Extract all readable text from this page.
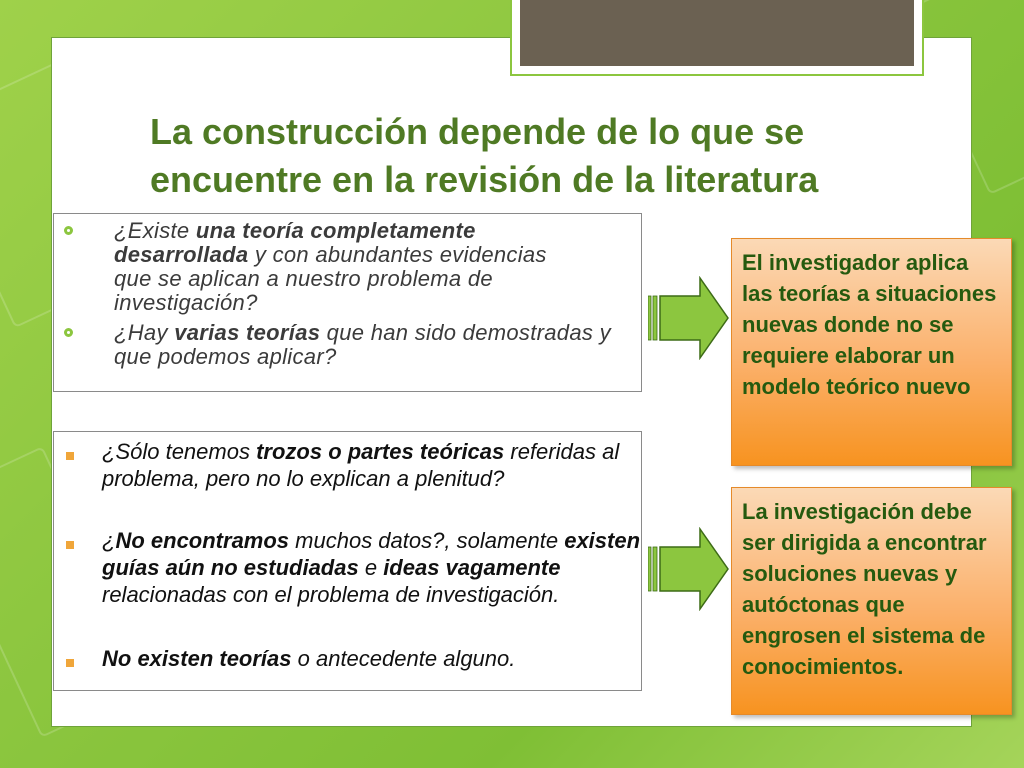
La construcción depende de lo que se encuentre en la revisión de la literatura
¿Existe una teoría completamente desarrollada y con abundantes evidencias que se aplican a nuestro problema de investigación?
¿Hay varias teorías que han sido demostradas y que podemos aplicar?
¿Sólo tenemos trozos o partes teóricas referidas al problema, pero no lo explican a plenitud?
¿No encontramos muchos datos?, solamente existen guías aún no estudiadas e ideas vagamente relacionadas con el problema de investigación.
No existen teorías o antecedente alguno.
El investigador aplica las teorías a situaciones nuevas donde no se requiere elaborar un modelo teórico nuevo
La investigación debe ser dirigida a encontrar soluciones nuevas y autóctonas que engrosen el sistema de conocimientos.
